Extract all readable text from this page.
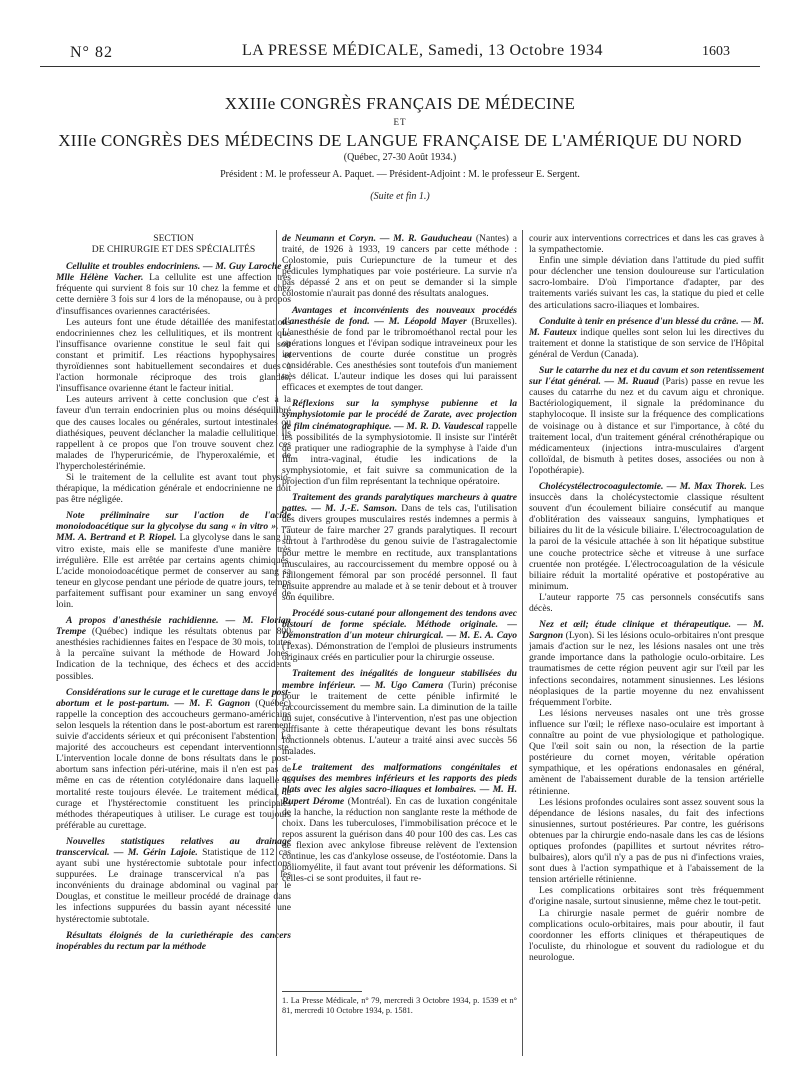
N° 82	LA PRESSE MÉDICALE, Samedi, 13 Octobre 1934	1603
XXIIIe CONGRÈS FRANÇAIS DE MÉDECINE
ET
XIIIe CONGRÈS DES MÉDECINS DE LANGUE FRANÇAISE DE L'AMÉRIQUE DU NORD
(Québec, 27-30 Août 1934.)
Président : M. le professeur A. Paquet. — Président-Adjoint : M. le professeur E. Sergent.
(Suite et fin 1.)

SECTION

DE CHIRURGIE ET DES SPÉCIALITÉS

Cellulite et troubles endocriniens. — M. Guy Laroche et Mlle Hélène Vacher. La cellulite est une affection très fréquente qui survient 8 fois sur 10 chez la femme et chez cette dernière 3 fois sur 4 lors de la ménopause, ou à propos d'insuffisances ovariennes caractérisées.

Les auteurs font une étude détaillée des manifestations endocriniennes chez les cellulitiques, et ils montrent que l'insuffisance ovarienne constitue le seul fait qui soit constant et primitif. Les réactions hypophysaires et thyroïdiennes sont habituellement secondaires et dues à l'action hormonale réciproque des trois glandes, l'insuffisance ovarienne étant le facteur initial.

Les auteurs arrivent à cette conclusion que c'est à la faveur d'un terrain endocrinien plus ou moins déséquilibré que des causes locales ou générales, surtout intestinales ou diathésiques, peuvent déclancher la maladie cellulitique. Ils rappellent à ce propos que l'on trouve souvent chez ces malades de l'hyperuricémie, de l'hyperoxalémie, et de l'hypercholestérinémie.

Si le traitement de la cellulite est avant tout physio-thérapique, la médication générale et endocrinienne ne doit pas être négligée.

Note préliminaire sur l'action de l'acide monoiodoacétique sur la glycolyse du sang « in vitro ». — MM. A. Bertrand et P. Riopel. La glycolyse dans le sang in vitro existe, mais elle se manifeste d'une manière très irrégulière. Elle est arrêtée par certains agents chimiques. L'acide monoiodoacétique permet de conserver au sang sa teneur en glycose pendant une période de quatre jours, temps parfaitement suffisant pour examiner un sang envoyé de loin.

A propos d'anesthésie rachidienne. — M. Florian Trempe (Québec) indique les résultats obtenus par 800 anesthésies rachidiennes faites en l'espace de 30 mois, toutes à la percaïne suivant la méthode de Howard Jones. Indication de la technique, des échecs et des accidents possibles.

Considérations sur le curage et le curettage dans le post-abortum et le post-partum. — M. F. Gagnon (Québec) rappelle la conception des accoucheurs germano-américains selon lesquels la rétention dans le post-abortum est rarement suivie d'accidents sérieux et qui préconisent l'abstention. La majorité des accoucheurs est cependant interventionniste. L'intervention locale donne de bons résultats dans le post-abortum sans infection péri-utérine, mais il n'en est pas de même en cas de rétention cotylédonaire dans laquelle la mortalité reste toujours élevée. Le traitement médical, le curage et l'hystérectomie constituent les principales méthodes thérapeutiques à utiliser. Le curage est toujours préférable au curettage.

Nouvelles statistiques relatives au drainage transcervical. — M. Gérin Lajoie. Statistique de 112 cas ayant subi une hystérectomie subtotale pour infections suppurées. Le drainage transcervical n'a pas les inconvénients du drainage abdominal ou vaginal par le Douglas, et constitue le meilleur procédé de drainage dans les infections suppurées du bassin ayant nécessité une hystérectomie subtotale.

Résultats éloignés de la curiethérapie des cancers inopérables du rectum par la méthode

de Neumann et Coryn. — M. R. Gauducheau (Nantes) a traité, de 1926 à 1933, 19 cancers par cette méthode : Colostomie, puis Curiepuncture de la tumeur et des pédicules lymphatiques par voie postérieure. La survie n'a pas dépassé 2 ans et on peut se demander si la simple colostomie n'aurait pas donné des résultats analogues.

Avantages et inconvénients des nouveaux procédés d'anesthésie de fond. — M. Léopold Mayer (Bruxelles). L'anesthésie de fond par le tribromoéthanol rectal pour les opérations longues et l'évipan sodique intraveineux pour les interventions de courte durée constitue un progrès considérable. Ces anesthésies sont toutefois d'un maniement très délicat. L'auteur indique les doses qui lui paraissent efficaces et exemptes de tout danger.

Réflexions sur la symphyse pubienne et la symphysiotomie par le procédé de Zarate, avec projection de film cinématographique. — M. R. D. Vaudescal rappelle les possibilités de la symphysiotomie. Il insiste sur l'intérêt de pratiquer une radiographie de la symphyse à l'aide d'un film intra-vaginal, étudie les indications de la symphysiotomie, et fait suivre sa communication de la projection d'un film représentant la technique opératoire.

Traitement des grands paralytiques marcheurs à quatre pattes. — M. J.-E. Samson. Dans de tels cas, l'utilisation des divers groupes musculaires restés indemnes a permis à l'auteur de faire marcher 27 grands paralytiques. Il recourt surtout à l'arthrodèse du genou suivie de l'astragalectomie pour mettre le membre en rectitude, aux transplantations musculaires, au raccourcissement du membre opposé ou à l'allongement fémoral par son procédé personnel. Il faut ensuite apprendre au malade et à se tenir debout et à trouver son équilibre.

Procédé sous-cutané pour allongement des tendons avec bistourí de forme spéciale. Méthode originale. — Démonstration d'un moteur chirurgical. — M. E. A. Cayo (Texas). Démonstration de l'emploi de plusieurs instruments originaux créés en particulier pour la chirurgie osseuse.

Traitement des inégalités de longueur stabilisées du membre inférieur. — M. Ugo Camera (Turin) préconise pour le traitement de cette pénible infirmité le raccourcissement du membre sain. La diminution de la taille du sujet, consécutive à l'intervention, n'est pas une objection suffisante à cette thérapeutique devant les bons résultats fonctionnels obtenus. L'auteur a traité ainsi avec succès 56 malades.

Le traitement des malformations congénitales et acquises des membres inférieurs et les rapports des pieds plats avec les algies sacro-iliaques et lombaires. — M. H. Rupert Dérome (Montréal). En cas de luxation congénitale de la hanche, la réduction non sanglante reste la méthode de choix. Dans les tuberculoses, l'immobilisation précoce et le repos assurent la guérison dans 40 pour 100 des cas. Les cas de flexion avec ankylose fibreuse relèvent de l'extension continue, les cas d'ankylose osseuse, de l'ostéotomie. Dans la poliomyélite, il faut avant tout prévenir les déformations. Si celles-ci se sont produites, il faut re-

courir aux interventions correctrices et dans les cas graves à la sympathectomie.

Enfin une simple déviation dans l'attitude du pied suffit pour déclencher une tension douloureuse sur l'articulation sacro-lombaire. D'où l'importance d'adapter, par des traitements variés suivant les cas, la statique du pied et celle des articulations sacro-iliaques et lombaires.

Conduite à tenir en présence d'un blessé du crâne. — M. M. Fauteux indique quelles sont selon lui les directives du traitement et donne la statistique de son service de l'Hôpital général de Verdun (Canada).

Sur le catarrhe du nez et du cavum et son retentissement sur l'état général. — M. Ruaud (Paris) passe en revue les causes du catarrhe du nez et du cavum aigu et chronique. Bactériologiquement, il signale la prédominance du staphylocoque. Il insiste sur la fréquence des complications de voisinage ou à distance et sur l'importance, à côté du traitement local, d'un traitement général crénothérapique ou médicamenteux (injections intra-musculaires d'argent colloïdal, de bismuth à petites doses, associées ou non à l'opothérapie).

Cholécystélectrocoagulectomie. — M. Max Thorek. Les insuccès dans la cholécystectomie classique résultent souvent d'un écoulement biliaire consécutif au manque d'oblitération des vaisseaux sanguins, lymphatiques et biliaires du lit de la vésicule biliaire. L'électrocoagulation de la paroi de la vésicule attachée à son lit hépatique substitue une couche protectrice sèche et vitreuse à une surface cruentée non protégée. L'électrocoagulation de la vésicule biliaire réduit la mortalité opérative et postopérative au minimum.

L'auteur rapporte 75 cas personnels consécutifs sans décès.

Nez et œil; étude clinique et thérapeutique. — M. Sargnon (Lyon). Si les lésions oculo-orbitaires n'ont presque jamais d'action sur le nez, les lésions nasales ont une très grande importance dans la pathologie oculo-orbitaire. Les traumatismes de cette région peuvent agir sur l'œil par les infections secondaires, notamment sinusiennes. Les lésions néoplasiques de la partie moyenne du nez envahissent fréquemment l'orbite.

Les lésions nerveuses nasales ont une très grosse influence sur l'œil; le réflexe naso-oculaire est important à connaître au point de vue physiologique et pathologique. Que l'œil soit sain ou non, la résection de la partie postérieure du cornet moyen, véritable opération sympathique, et les opérations endonasales en général, amènent de l'abaissement durable de la tension artérielle rétinienne.

Les lésions profondes oculaires sont assez souvent sous la dépendance de lésions nasales, du fait des infections sinusiennes, surtout postérieures. Par contre, les guérisons obtenues par la chirurgie endo-nasale dans les cas de lésions optiques profondes (papillites et surtout névrites rétro-bulbaires), alors qu'il n'y a pas de pus ni d'infections vraies, sont dues à l'action sympathique et à l'abaissement de la tension artérielle rétinienne.

Les complications orbitaires sont très fréquemment d'origine nasale, surtout sinusienne, même chez le tout-petit.

La chirurgie nasale permet de guérir nombre de complications oculo-orbitaires, mais pour aboutir, il faut coordonner les efforts cliniques et thérapeutiques de l'oculiste, du rhinologue et souvent du radiologue et du neurologue.

1. La Presse Médicale, n° 79, mercredi 3 Octobre 1934, p. 1539 et n° 81, mercredi 10 Octobre 1934, p. 1581.
